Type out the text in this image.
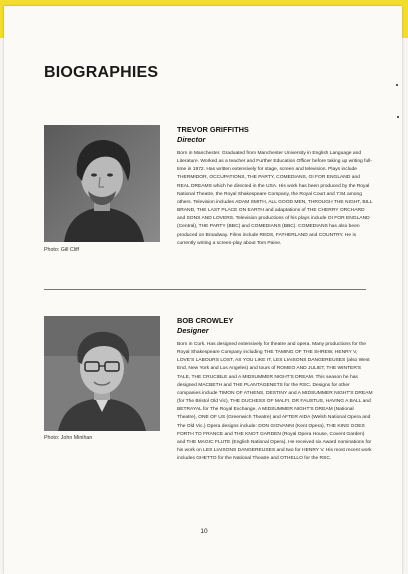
BIOGRAPHIES
Photo: Gill Cliff
TREVOR GRIFFITHS
Director

Born in Manchester. Graduated from Manchester University in English Language and Literature. Worked as a teacher and Further Education Officer before taking up writing full-time in 1972. Has written extensively for stage, screen and television. Plays include THERMIDOR, OCCUPATIONS, THE PARTY, COMEDIANS, OI FOR ENGLAND and REAL DREAMS which he directed in the USA. His work has been produced by the Royal National Theatre, the Royal Shakespeare Company, the Royal Court and 7:84 among others. Television includes ADAM SMITH, ALL GOOD MEN, THROUGH THE NIGHT, BILL BRAND, THE LAST PLACE ON EARTH and adaptations of THE CHERRY ORCHARD and SONS AND LOVERS. Television productions of his plays include OI FOR ENGLAND (Central), THE PARTY (BBC) and COMEDIANS (BBC). COMEDIANS has also been produced on Broadway. Films include REDS, FATHERLAND and COUNTRY. He is currently writing a screen-play about Tom Paine.

Photo: John Minihan
BOB CROWLEY
Designer

Born in Cork. Has designed extensively for theatre and opera. Many productions for the Royal Shakespeare Company including THE TAMING OF THE SHREW, HENRY V, LOVE'S LABOURS LOST, AS YOU LIKE IT, LES LIAISONS DANGEREUSES (also West End, New York and Los Angeles) and tours of ROMEO AND JULIET, THE WINTER'S TALE, THE CRUCIBLE and A MIDSUMMER NIGHT'S DREAM. This season he has designed MACBETH and THE PLANTAGENETS for the RSC. Designs for other companies include TIMON OF ATHENS, DESTINY and A MIDSUMMER NIGHT'S DREAM (for The Bristol Old Vic), THE DUCHESS OF MALFI, DR FAUSTUS, HAVING A BALL and BETRAYAL for The Royal Exchange, A MIDSUMMER NIGHT'S DREAM (National Theatre), ONE OF US (Greenwich Theatre) and AFTER AIDA (Welsh National Opera and The Old Vic.) Opera designs include: DON GIOVANNI (Kent Opera), THE KING GOES FORTH TO FRANCE and THE KNOT GARDEN (Royal Opera House, Covent Garden) and THE MAGIC FLUTE (English National Opera). He received six Award nominations for his work on LES LIAISONS DANGEREUSES and two for HENRY V. His most recent work includes GHETTO for the National Theatre and OTHELLO for the RSC.

10
